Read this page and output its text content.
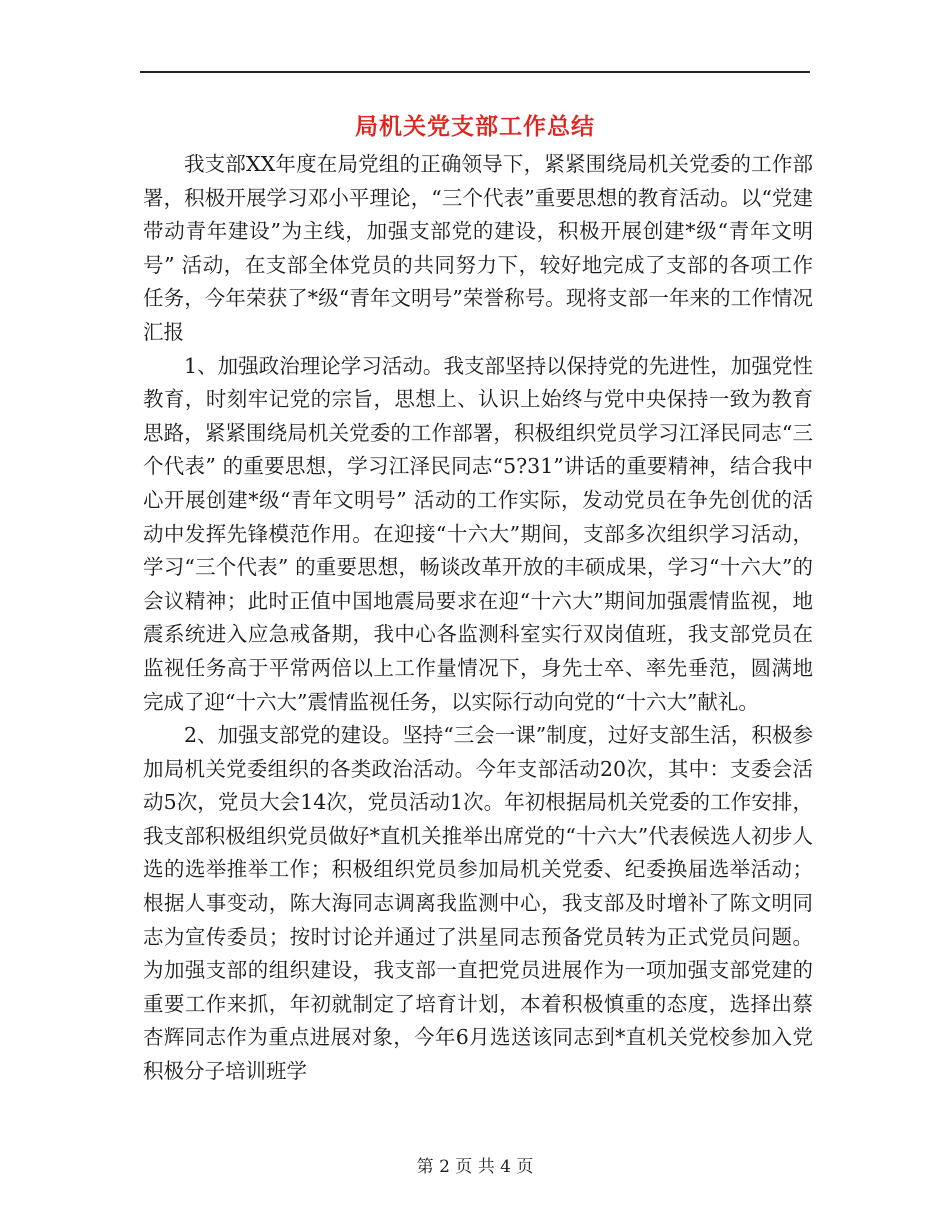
局机关党支部工作总结

我支部XX年度在局党组的正确领导下，紧紧围绕局机关党委的工作部署，积极开展学习邓小平理论，“三个代表”重要思想的教育活动。以“党建带动青年建设”为主线，加强支部党的建设，积极开展创建*级“青年文明号” 活动，在支部全体党员的共同努力下，较好地完成了支部的各项工作任务，今年荣获了*级“青年文明号”荣誉称号。现将支部一年来的工作情况汇报

1、加强政治理论学习活动。我支部坚持以保持党的先进性，加强党性教育，时刻牢记党的宗旨，思想上、认识上始终与党中央保持一致为教育思路，紧紧围绕局机关党委的工作部署，积极组织党员学习江泽民同志“三个代表” 的重要思想，学习江泽民同志“5?31”讲话的重要精神，结合我中心开展创建*级“青年文明号” 活动的工作实际，发动党员在争先创优的活动中发挥先锋模范作用。在迎接“十六大”期间，支部多次组织学习活动，学习“三个代表” 的重要思想，畅谈改革开放的丰硕成果，学习“十六大”的会议精神；此时正值中国地震局要求在迎“十六大”期间加强震情监视，地震系统进入应急戒备期，我中心各监测科室实行双岗值班，我支部党员在监视任务高于平常两倍以上工作量情况下，身先士卒、率先垂范，圆满地完成了迎“十六大”震情监视任务，以实际行动向党的“十六大”献礼。

2、加强支部党的建设。坚持“三会一课”制度，过好支部生活，积极参加局机关党委组织的各类政治活动。今年支部活动20次，其中：支委会活动5次，党员大会14次，党员活动1次。年初根据局机关党委的工作安排，我支部积极组织党员做好*直机关推举出席党的“十六大”代表候选人初步人选的选举推举工作；积极组织党员参加局机关党委、纪委换届选举活动；根据人事变动，陈大海同志调离我监测中心，我支部及时增补了陈文明同志为宣传委员；按时讨论并通过了洪星同志预备党员转为正式党员问题。为加强支部的组织建设，我支部一直把党员进展作为一项加强支部党建的重要工作来抓，年初就制定了培育计划，本着积极慎重的态度，选择出蔡杏辉同志作为重点进展对象，今年6月选送该同志到*直机关党校参加入党积极分子培训班学

第 2 页 共 4 页
